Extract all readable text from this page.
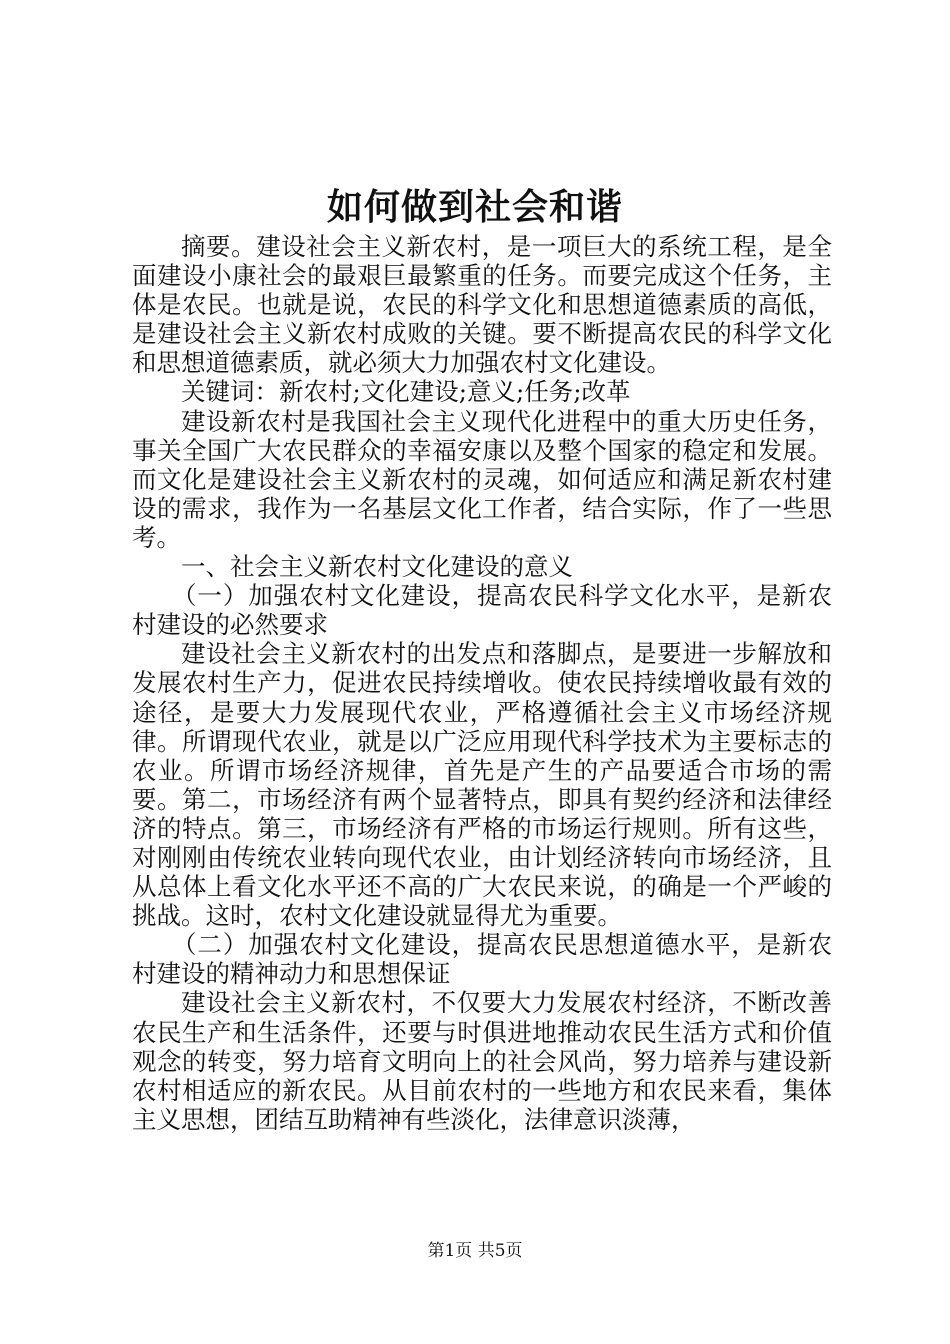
如何做到社会和谐

摘要。建设社会主义新农村，是一项巨大的系统工程，是全面建设小康社会的最艰巨最繁重的任务。而要完成这个任务，主体是农民。也就是说，农民的科学文化和思想道德素质的高低，是建设社会主义新农村成败的关键。要不断提高农民的科学文化和思想道德素质，就必须大力加强农村文化建设。

关键词：新农村;文化建设;意义;任务;改革

建设新农村是我国社会主义现代化进程中的重大历史任务，事关全国广大农民群众的幸福安康以及整个国家的稳定和发展。而文化是建设社会主义新农村的灵魂，如何适应和满足新农村建设的需求，我作为一名基层文化工作者，结合实际，作了一些思考。

一、社会主义新农村文化建设的意义

（一）加强农村文化建设，提高农民科学文化水平，是新农村建设的必然要求

建设社会主义新农村的出发点和落脚点，是要进一步解放和发展农村生产力，促进农民持续增收。使农民持续增收最有效的途径，是要大力发展现代农业，严格遵循社会主义市场经济规律。所谓现代农业，就是以广泛应用现代科学技术为主要标志的农业。所谓市场经济规律，首先是产生的产品要适合市场的需要。第二，市场经济有两个显著特点，即具有契约经济和法律经济的特点。第三，市场经济有严格的市场运行规则。所有这些，对刚刚由传统农业转向现代农业，由计划经济转向市场经济，且从总体上看文化水平还不高的广大农民来说，的确是一个严峻的挑战。这时，农村文化建设就显得尤为重要。

（二）加强农村文化建设，提高农民思想道德水平，是新农村建设的精神动力和思想保证

建设社会主义新农村，不仅要大力发展农村经济，不断改善农民生产和生活条件，还要与时俱进地推动农民生活方式和价值观念的转变，努力培育文明向上的社会风尚，努力培养与建设新农村相适应的新农民。从目前农村的一些地方和农民来看，集体主义思想，团结互助精神有些淡化，法律意识淡薄，

第1页 共5页
